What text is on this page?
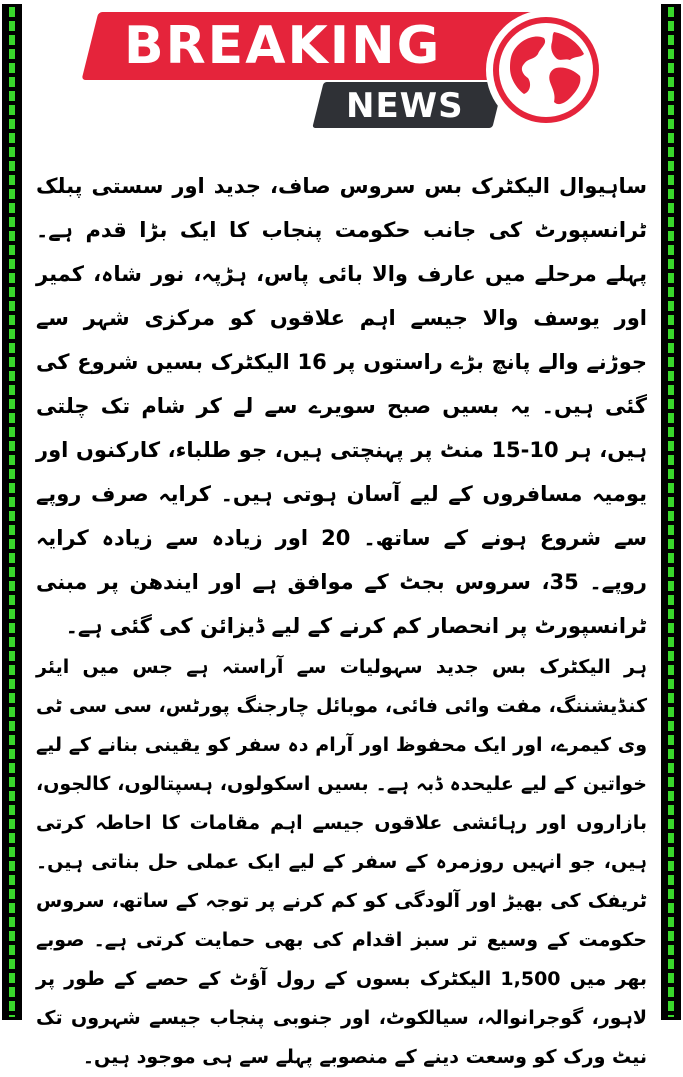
BREAKING
NEWS

ساہیوال الیکٹرک بس سروس صاف، جدید اور سستی پبلک ٹرانسپورٹ کی جانب حکومت پنجاب کا ایک بڑا قدم ہے۔ پہلے مرحلے میں عارف والا بائی پاس، ہڑپہ، نور شاہ، کمیر اور یوسف والا جیسے اہم علاقوں کو مرکزی شہر سے جوڑنے والے پانچ بڑے راستوں پر 16 الیکٹرک بسیں شروع کی گئی ہیں۔ یہ بسیں صبح سویرے سے لے کر شام تک چلتی ہیں، ہر 10-15 منٹ پر پہنچتی ہیں، جو طلباء، کارکنوں اور یومیہ مسافروں کے لیے آسان ہوتی ہیں۔ کرایہ صرف روپے سے شروع ہونے کے ساتھ۔ 20 اور زیادہ سے زیادہ کرایہ روپے۔ 35، سروس بجٹ کے موافق ہے اور ایندھن پر مبنی ٹرانسپورٹ پر انحصار کم کرنے کے لیے ڈیزائن کی گئی ہے۔

ہر الیکٹرک بس جدید سہولیات سے آراستہ ہے جس میں ایئر کنڈیشننگ، مفت وائی فائی، موبائل چارجنگ پورٹس، سی سی ٹی وی کیمرے، اور ایک محفوظ اور آرام دہ سفر کو یقینی بنانے کے لیے خواتین کے لیے علیحدہ ڈبہ ہے۔ بسیں اسکولوں، ہسپتالوں، کالجوں، بازاروں اور رہائشی علاقوں جیسے اہم مقامات کا احاطہ کرتی ہیں، جو انہیں روزمرہ کے سفر کے لیے ایک عملی حل بناتی ہیں۔ ٹریفک کی بھیڑ اور آلودگی کو کم کرنے پر توجہ کے ساتھ، سروس حکومت کے وسیع تر سبز اقدام کی بھی حمایت کرتی ہے۔ صوبے بھر میں 1,500 الیکٹرک بسوں کے رول آؤٹ کے حصے کے طور پر لاہور، گوجرانوالہ، سیالکوٹ، اور جنوبی پنجاب جیسے شہروں تک نیٹ ورک کو وسعت دینے کے منصوبے پہلے سے ہی موجود ہیں۔
